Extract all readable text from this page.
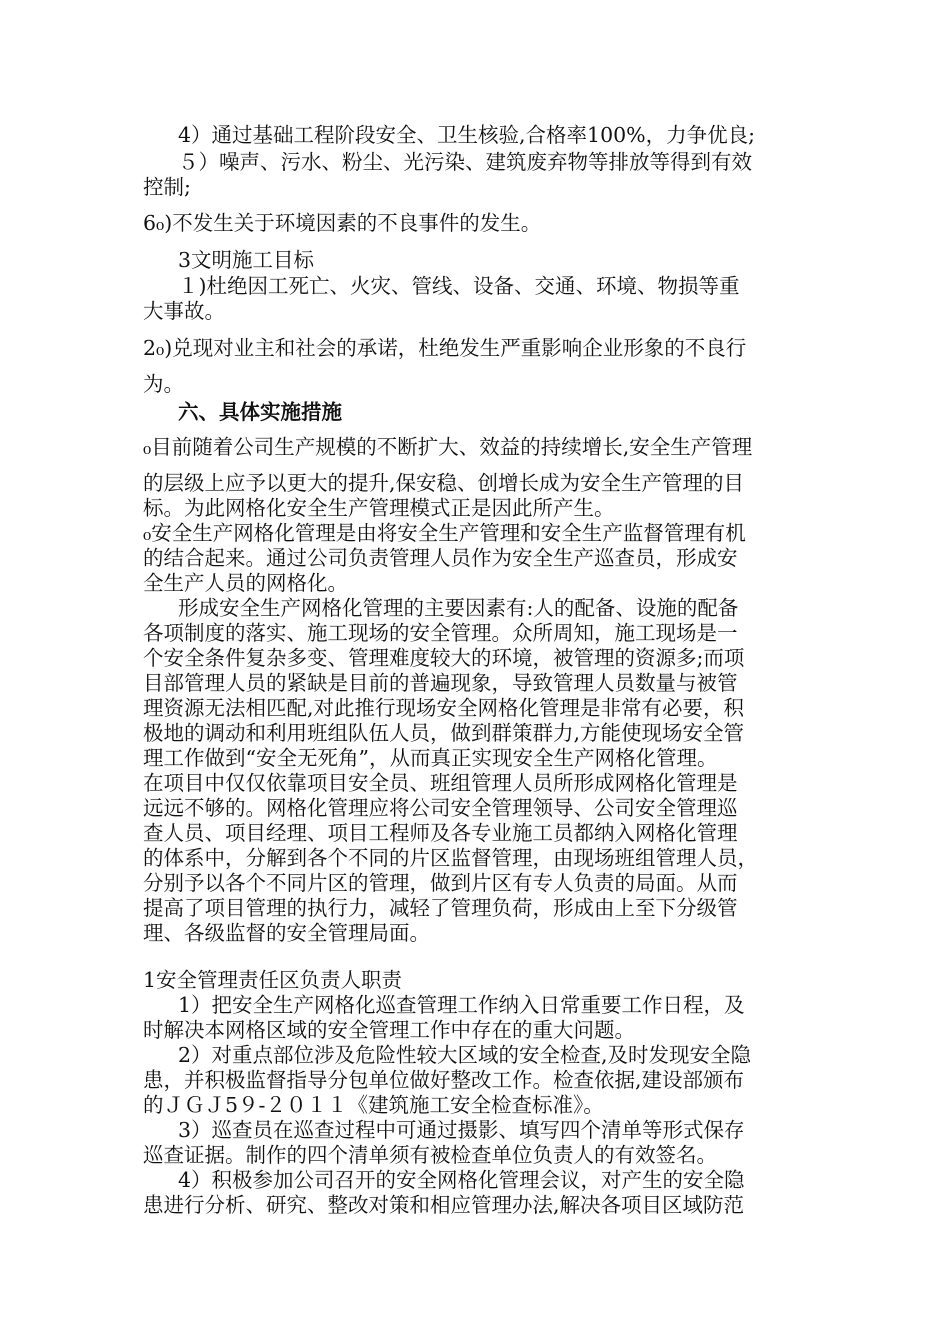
4）通过基础工程阶段安全、卫生核验,合格率100%，力争优良;
５）噪声、污水、粉尘、光污染、建筑废弃物等排放等得到有效
控制;
6₀)不发生关于环境因素的不良事件的发生。
3文明施工目标
１)杜绝因工死亡、火灾、管线、设备、交通、环境、物损等重
大事故。
2₀)兑现对业主和社会的承诺，杜绝发生严重影响企业形象的不良行
为。
六、具体实施措施
₀目前随着公司生产规模的不断扩大、效益的持续增长,安全生产管理
的层级上应予以更大的提升,保安稳、创增长成为安全生产管理的目
标。为此网格化安全生产管理模式正是因此所产生。
₀安全生产网格化管理是由将安全生产管理和安全生产监督管理有机
的结合起来。通过公司负责管理人员作为安全生产巡查员，形成安
全生产人员的网格化。
形成安全生产网格化管理的主要因素有:人的配备、设施的配备
各项制度的落实、施工现场的安全管理。众所周知，施工现场是一
个安全条件复杂多变、管理难度较大的环境，被管理的资源多;而项
目部管理人员的紧缺是目前的普遍现象，导致管理人员数量与被管
理资源无法相匹配,对此推行现场安全网格化管理是非常有必要，积
极地的调动和利用班组队伍人员，做到群策群力,方能使现场安全管
理工作做到“安全无死角”，从而真正实现安全生产网格化管理。
在项目中仅仅依靠项目安全员、班组管理人员所形成网格化管理是
远远不够的。网格化管理应将公司安全管理领导、公司安全管理巡
查人员、项目经理、项目工程师及各专业施工员都纳入网格化管理
的体系中，分解到各个不同的片区监督管理，由现场班组管理人员，
分别予以各个不同片区的管理，做到片区有专人负责的局面。从而
提高了项目管理的执行力，减轻了管理负荷，形成由上至下分级管
理、各级监督的安全管理局面。
1安全管理责任区负责人职责
1）把安全生产网格化巡查管理工作纳入日常重要工作日程，及
时解决本网格区域的安全管理工作中存在的重大问题。
2）对重点部位涉及危险性较大区域的安全检查,及时发现安全隐
患，并积极监督指导分包单位做好整改工作。检查依据,建设部颁布
的ＪＧＪ5９-２０１１《建筑施工安全检查标准》。
3）巡查员在巡查过程中可通过摄影、填写四个清单等形式保存
巡查证据。制作的四个清单须有被检查单位负责人的有效签名。
4）积极参加公司召开的安全网格化管理会议，对产生的安全隐
患进行分析、研究、整改对策和相应管理办法,解决各项目区域防范
